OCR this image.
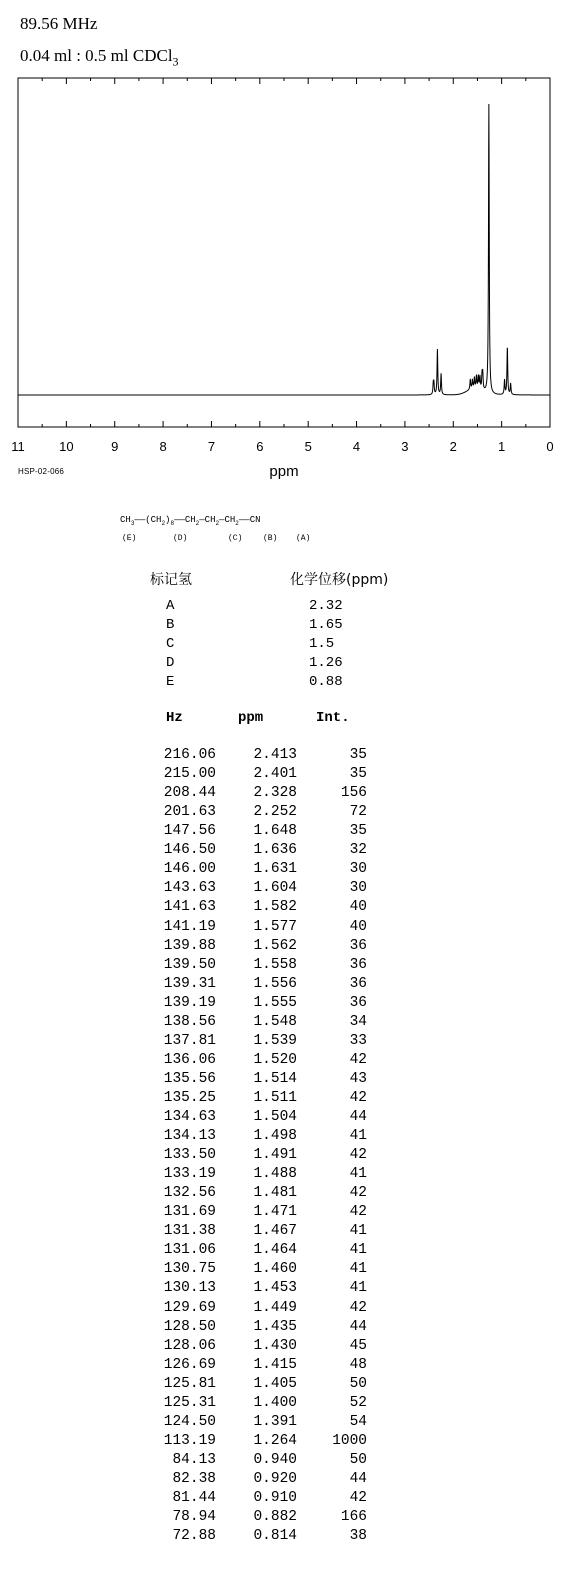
89.56 MHz
0.04 ml : 0.5 ml CDCl$_3$
11	10	9	8	7	6	5	4	3	2	1	0
ppm
HSP-02-066
$CH_3——(CH_2)_8——CH_2—CH_2—CH_2——CN$
(E)	(D)	(C)	(B) (A)
标记氢	化学位移(ppm)
A	2.32
B	1.65
C	1.5
D	1.26
E	0.88
Hz	ppm	Int.
216.06	2.413	35
215.00	2.401	35
208.44	2.328	156
201.63	2.252	72
147.56	1.648	35
146.50	1.636	32
146.00	1.631	30
143.63	1.604	30
141.63	1.582	40
141.19	1.577	40
139.88	1.562	36
139.50	1.558	36
139.31	1.556	36
139.19	1.555	36
138.56	1.548	34
137.81	1.539	33
136.06	1.520	42
135.56	1.514	43
135.25	1.511	42
134.63	1.504	44
134.13	1.498	41
133.50	1.491	42
133.19	1.488	41
132.56	1.481	42
131.69	1.471	42
131.38	1.467	41
131.06	1.464	41
130.75	1.460	41
130.13	1.453	41
129.69	1.449	42
128.50	1.435	44
128.06	1.430	45
126.69	1.415	48
125.81	1.405	50
125.31	1.400	52
124.50	1.391	54
113.19	1.264	1000
84.13	0.940	50
82.38	0.920	44
81.44	0.910	42
78.94	0.882	166
72.88	0.814	38
